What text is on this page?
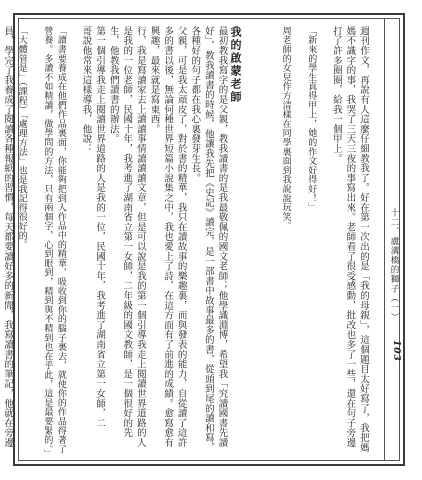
週刊作文，再說有人這麼仔細教我了。好在第一次出的是「我的母親」，這個題目太好寫了，我把媽媽不識字的事，我哭了三天三夜的事寫出來。老師看了很受感動，批改也多了一些，還在句子旁邊打了許多圈圈，給我一個甲上。

「新來的學生真得甲上，她的作文好得好！」

周老師的女兒作方清樣在同學裏面到我說說玩笑。

我的啟蒙老師

最初教我寫字的是父親，教我讀書的是我最敬佩的國文老師；他學識淵博，希望我「究讀國書先讀好」，教我讀書的時候，他讓我先把《史記》讀完，是一部書中故事最多的書，從頭到尾的讀和寫，各種好的句子都在我心裏發芽生長。

父親，可是我太頑皮了，對於書的精華，我只在讀故事的樂趣裏，而與發表的能力，自從讀了這許多的書以後，無論何種世界短篇小說集之中，我也愛上了詩，在這方面有了前進的成績。愈寫愈有興趣，最來就是寫東西。

行，我是寫讀家去上讀讀事情讀讀讀文章，但是可以說是我的第一個引導我走上閱讀世界道路的人是我的一位老師，民國十年，我考進了湖南省立第一女師，二年級的國文教師，是一個很好的先生，他教我們讀書的辦法。

第一個引導我走上閱讀世界道路的人是我的一位，民國十年，我考進了湖南省立第一女師，二

哥說他常來這樣導我，他說：

「讀書要養成在他們作品裏面，你能夠把到人作品中的精華，吸收到你的腦子裏去，就使你的作品得著了營養。多讀不如精讀，做學問的方法，只有兩個字，心到眼到，精到與不精到也在乎此，這是最要緊的。」

「大體管是」（課程）「處理方法」也是我記得很好的。

員，學完了我養成了閱讀各種報紙的習慣，每天都要讀好多的新聞，我寫讀書的筆記，他就在旁邊

十二．盧溝橋的獅子（一）
103
